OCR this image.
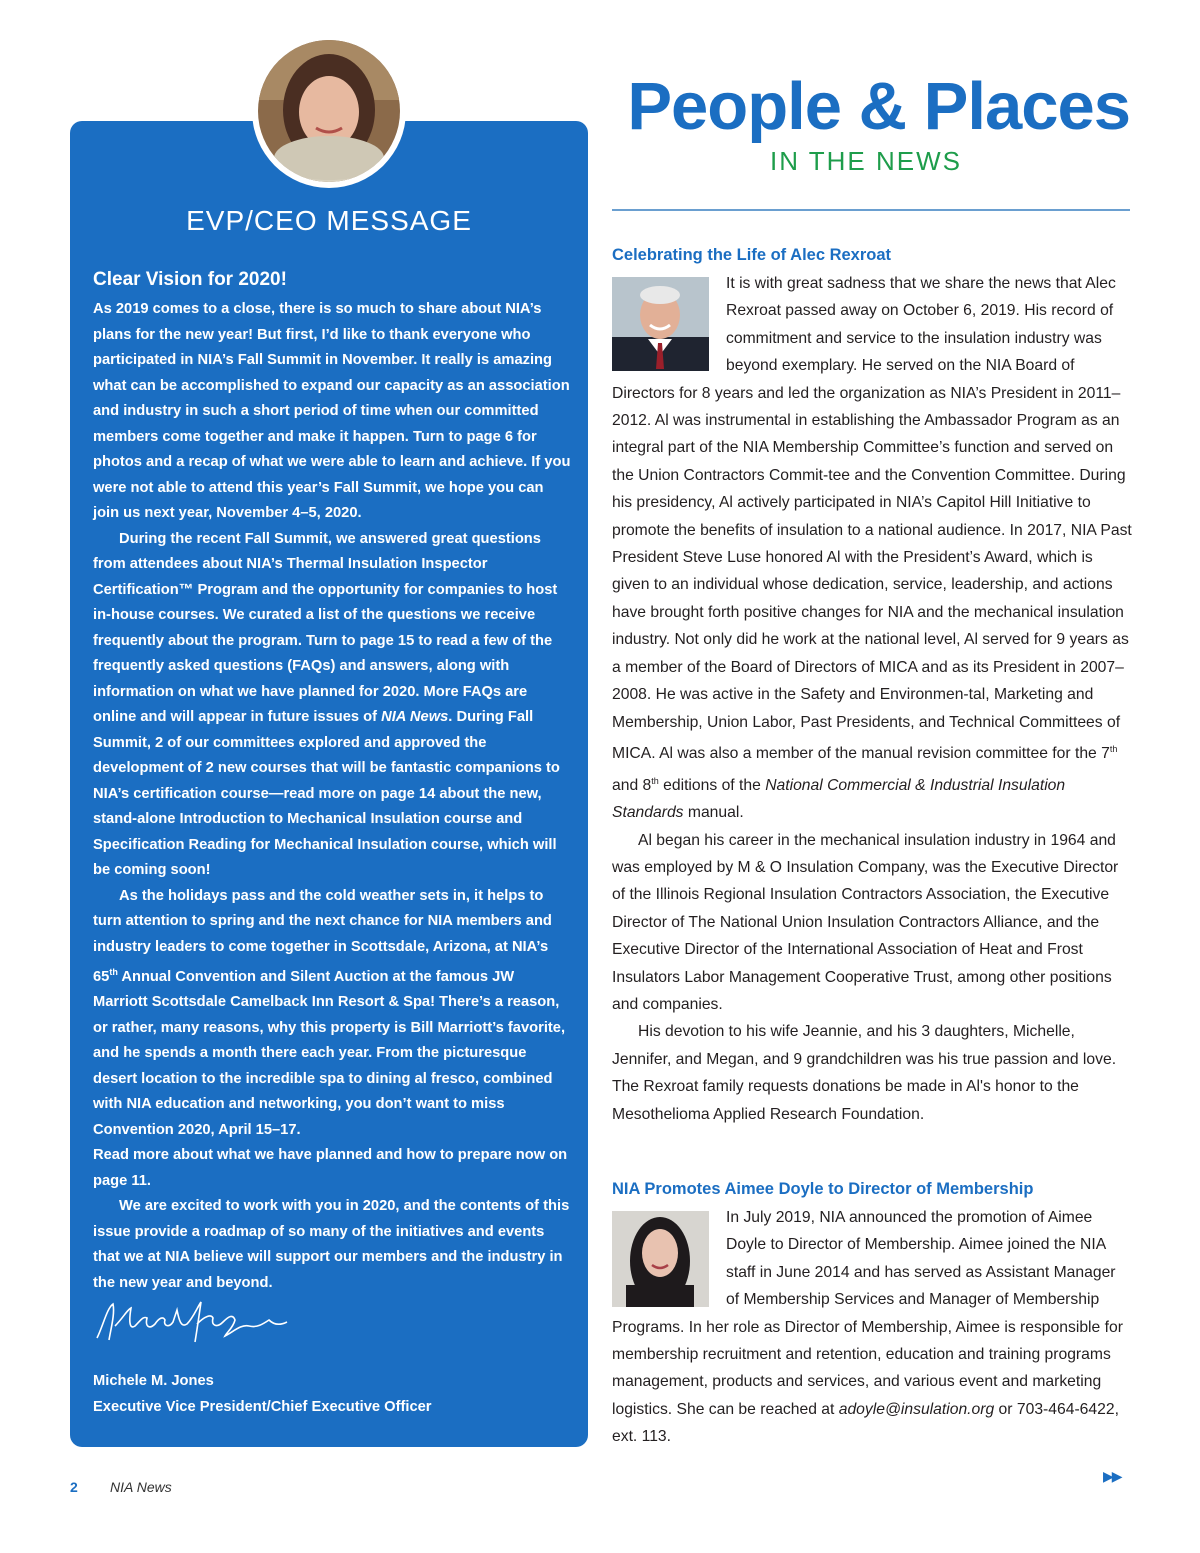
EVP/CEO MESSAGE
Clear Vision for 2020!

As 2019 comes to a close, there is so much to share about NIA’s plans for the new year! But first, I’d like to thank everyone who participated in NIA’s Fall Summit in November. It really is amazing what can be accomplished to expand our capacity as an association and industry in such a short period of time when our committed members come together and make it happen. Turn to page 6 for photos and a recap of what we were able to learn and achieve. If you were not able to attend this year’s Fall Summit, we hope you can join us next year, November 4–5, 2020.

During the recent Fall Summit, we answered great questions from attendees about NIA’s Thermal Insulation Inspector Certification™ Program and the opportunity for companies to host in-house courses. We curated a list of the questions we receive frequently about the program. Turn to page 15 to read a few of the frequently asked questions (FAQs) and answers, along with information on what we have planned for 2020. More FAQs are online and will appear in future issues of NIA News. During Fall Summit, 2 of our committees explored and approved the development of 2 new courses that will be fantastic companions to NIA’s certification course—read more on page 14 about the new, stand-alone Introduction to Mechanical Insulation course and Specification Reading for Mechanical Insulation course, which will be coming soon!

As the holidays pass and the cold weather sets in, it helps to turn attention to spring and the next chance for NIA members and industry leaders to come together in Scottsdale, Arizona, at NIA’s 65th Annual Convention and Silent Auction at the famous JW Marriott Scottsdale Camelback Inn Resort & Spa! There’s a reason, or rather, many reasons, why this property is Bill Marriott’s favorite, and he spends a month there each year. From the picturesque desert location to the incredible spa to dining al fresco, combined with NIA education and networking, you don’t want to miss Convention 2020, April 15–17.

Read more about what we have planned and how to prepare now on page 11.

We are excited to work with you in 2020, and the contents of this issue provide a roadmap of so many of the initiatives and events that we at NIA believe will support our members and the industry in the new year and beyond.

Michele M. Jones
Executive Vice President/Chief Executive Officer
People & Places
IN THE NEWS
Celebrating the Life of Alec Rexroat

It is with great sadness that we share the news that Alec Rexroat passed away on October 6, 2019. His record of commitment and service to the insulation industry was beyond exemplary. He served on the NIA Board of Directors for 8 years and led the organization as NIA’s President in 2011–2012. Al was instrumental in establishing the Ambassador Program as an integral part of the NIA Membership Committee’s function and served on the Union Contractors Commit-tee and the Convention Committee. During his presidency, Al actively participated in NIA’s Capitol Hill Initiative to promote the benefits of insulation to a national audience. In 2017, NIA Past President Steve Luse honored Al with the President’s Award, which is given to an individual whose dedication, service, leadership, and actions have brought forth positive changes for NIA and the mechanical insulation industry. Not only did he work at the national level, Al served for 9 years as a member of the Board of Directors of MICA and as its President in 2007–2008. He was active in the Safety and Environmen-tal, Marketing and Membership, Union Labor, Past Presidents, and Technical Committees of MICA. Al was also a member of the manual revision committee for the 7th and 8th editions of the National Commercial & Industrial Insulation Standards manual.

Al began his career in the mechanical insulation industry in 1964 and was employed by M & O Insulation Company, was the Executive Director of the Illinois Regional Insulation Contractors Association, the Executive Director of The National Union Insulation Contractors Alliance, and the Executive Director of the International Association of Heat and Frost Insulators Labor Management Cooperative Trust, among other positions and companies.

His devotion to his wife Jeannie, and his 3 daughters, Michelle, Jennifer, and Megan, and 9 grandchildren was his true passion and love. The Rexroat family requests donations be made in Al's honor to the Mesothelioma Applied Research Foundation.

NIA Promotes Aimee Doyle to Director of Membership

In July 2019, NIA announced the promotion of Aimee Doyle to Director of Membership. Aimee joined the NIA staff in June 2014 and has served as Assistant Manager of Membership Services and Manager of Membership Programs. In her role as Director of Membership, Aimee is responsible for membership recruitment and retention, education and training programs management, products and services, and various event and marketing logistics. She can be reached at adoyle@insulation.org or 703-464-6422, ext. 113.

2 NIA News
▶▶
